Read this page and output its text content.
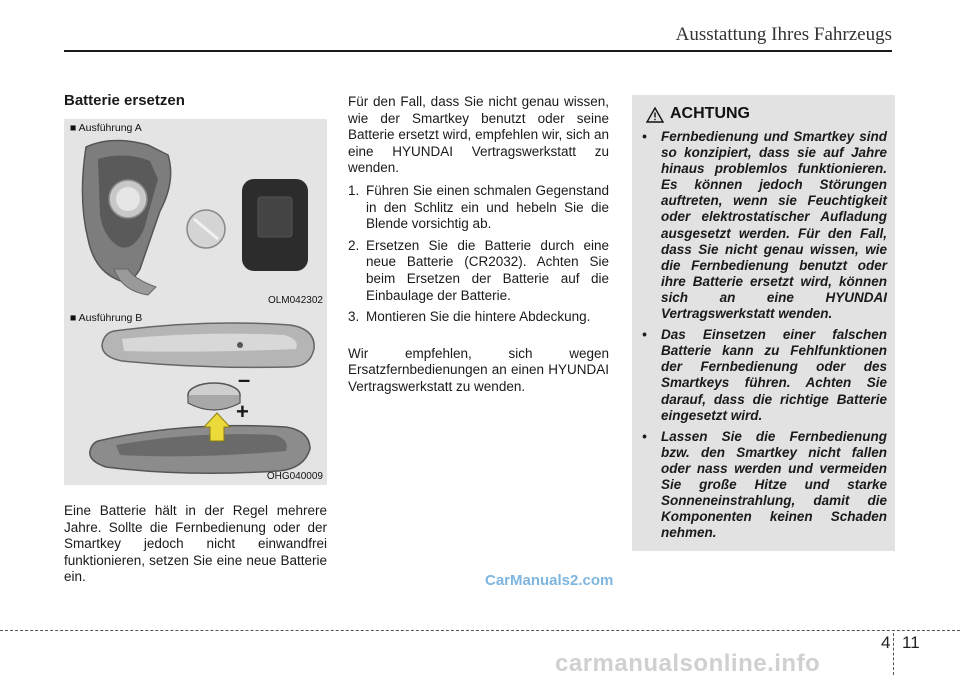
Ausstattung Ihres Fahrzeugs
Batterie ersetzen
■ Ausführung A
OLM042302
–
+
■ Ausführung B
OHG040009

Eine Batterie hält in der Regel mehrere Jahre. Sollte die Fernbedienung oder der Smartkey jedoch nicht einwandfrei funktionieren, setzen Sie eine neue Batterie ein.

Für den Fall, dass Sie nicht genau wissen, wie der Smartkey benutzt oder seine Batterie ersetzt wird, empfehlen wir, sich an eine HYUNDAI Vertragswerkstatt zu wenden.

1. Führen Sie einen schmalen Gegenstand in den Schlitz ein und hebeln Sie die Blende vorsichtig ab.
2. Ersetzen Sie die Batterie durch eine neue Batterie (CR2032). Achten Sie beim Ersetzen der Batterie auf die Einbaulage der Batterie.
3. Montieren Sie die hintere Abdeckung.

Wir empfehlen, sich wegen Ersatzfernbedienungen an einen HYUNDAI Vertragswerkstatt zu wenden.

ACHTUNG
• Fernbedienung und Smartkey sind so konzipiert, dass sie auf Jahre hinaus problemlos funktionieren. Es können jedoch Störungen auftreten, wenn sie Feuchtigkeit oder elektrostatischer Aufladung ausgesetzt werden. Für den Fall, dass Sie nicht genau wissen, wie die Fernbedienung benutzt oder ihre Batterie ersetzt wird, können sich an eine HYUNDAI Vertragswerkstatt wenden.
• Das Einsetzen einer falschen Batterie kann zu Fehlfunktionen der Fernbedienung oder des Smartkeys führen. Achten Sie darauf, dass die richtige Batterie eingesetzt wird.
• Lassen Sie die Fernbedienung bzw. den Smartkey nicht fallen oder nass werden und vermeiden Sie große Hitze und starke Sonneneinstrahlung, damit die Komponenten keinen Schaden nehmen.
CarManuals2.com
4 11
carmanualsonline.info
